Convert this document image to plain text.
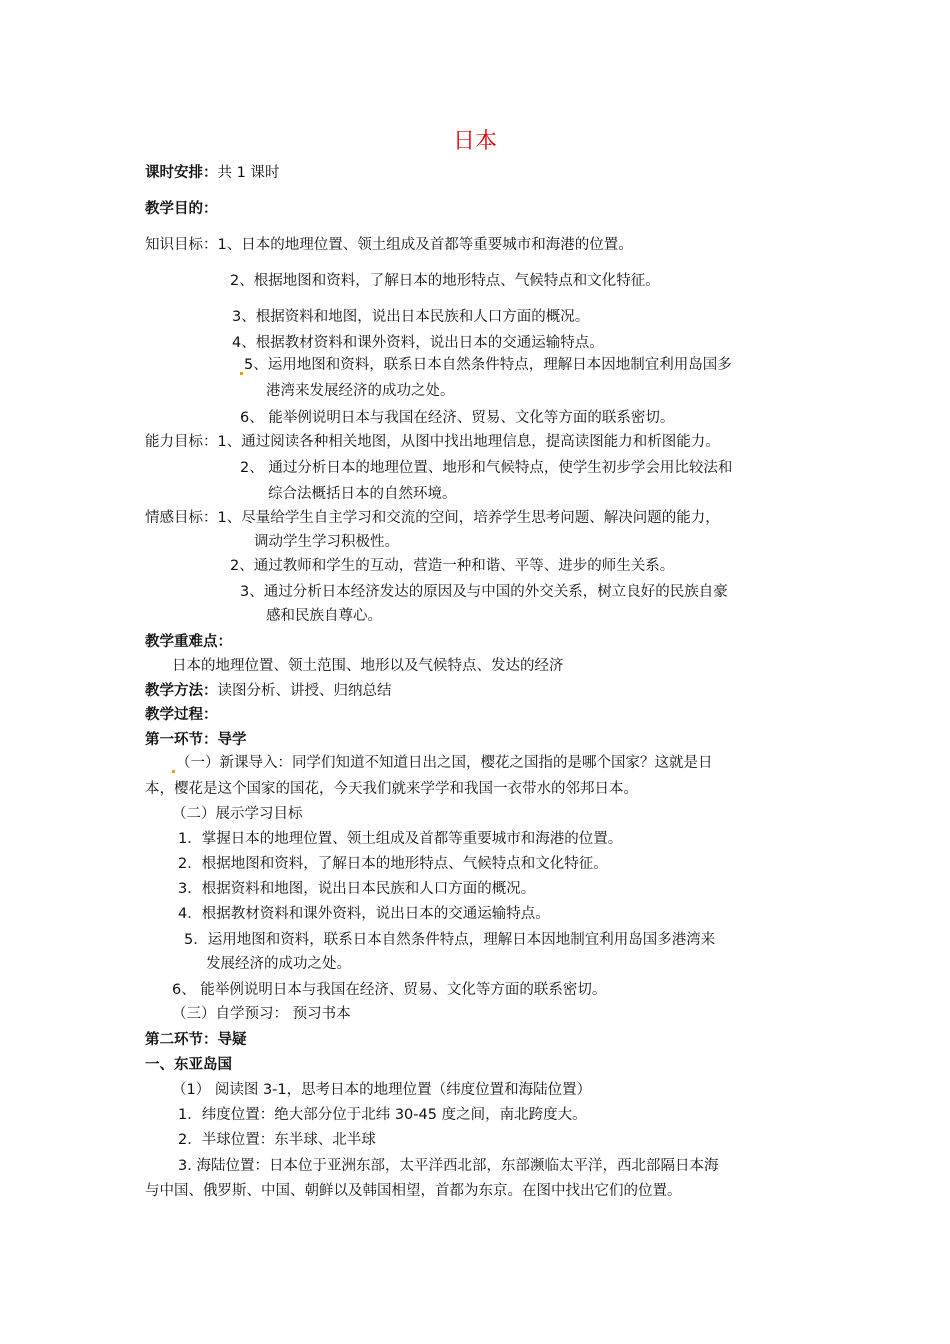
日本
课时安排：共 1 课时
教学目的：
知识目标：1、日本的地理位置、领土组成及首都等重要城市和海港的位置。
2、根据地图和资料，了解日本的地形特点、气候特点和文化特征。
3、根据资料和地图，说出日本民族和人口方面的概况。
4、根据教材资料和课外资料，说出日本的交通运输特点。
5、运用地图和资料，联系日本自然条件特点，理解日本因地制宜利用岛国多
港湾来发展经济的成功之处。
6、 能举例说明日本与我国在经济、贸易、文化等方面的联系密切。
能力目标：1、通过阅读各种相关地图，从图中找出地理信息，提高读图能力和析图能力。
2、 通过分析日本的地理位置、地形和气候特点，使学生初步学会用比较法和
综合法概括日本的自然环境。
情感目标：1、尽量给学生自主学习和交流的空间，培养学生思考问题、解决问题的能力，
调动学生学习积极性。
2、通过教师和学生的互动，营造一种和谐、平等、进步的师生关系。
3、通过分析日本经济发达的原因及与中国的外交关系，树立良好的民族自豪
感和民族自尊心。
教学重难点：
日本的地理位置、领土范围、地形以及气候特点、发达的经济
教学方法：读图分析、讲授、归纳总结
教学过程：
第一环节：导学
（一）新课导入：同学们知道不知道日出之国，樱花之国指的是哪个国家？这就是日
本，樱花是这个国家的国花，今天我们就来学学和我国一衣带水的邻邦日本。
（二）展示学习目标
1．掌握日本的地理位置、领土组成及首都等重要城市和海港的位置。
2．根据地图和资料，了解日本的地形特点、气候特点和文化特征。
3．根据资料和地图，说出日本民族和人口方面的概况。
4．根据教材资料和课外资料，说出日本的交通运输特点。
5．运用地图和资料，联系日本自然条件特点，理解日本因地制宜利用岛国多港湾来
发展经济的成功之处。
6、 能举例说明日本与我国在经济、贸易、文化等方面的联系密切。
（三）自学预习： 预习书本
第二环节：导疑
一、东亚岛国
（1） 阅读图 3-1，思考日本的地理位置（纬度位置和海陆位置）
1．纬度位置：绝大部分位于北纬 30-45 度之间，南北跨度大。
2．半球位置：东半球、北半球
3. 海陆位置：日本位于亚洲东部，太平洋西北部，东部濒临太平洋，西北部隔日本海
与中国、俄罗斯、中国、朝鲜以及韩国相望，首都为东京。在图中找出它们的位置。
